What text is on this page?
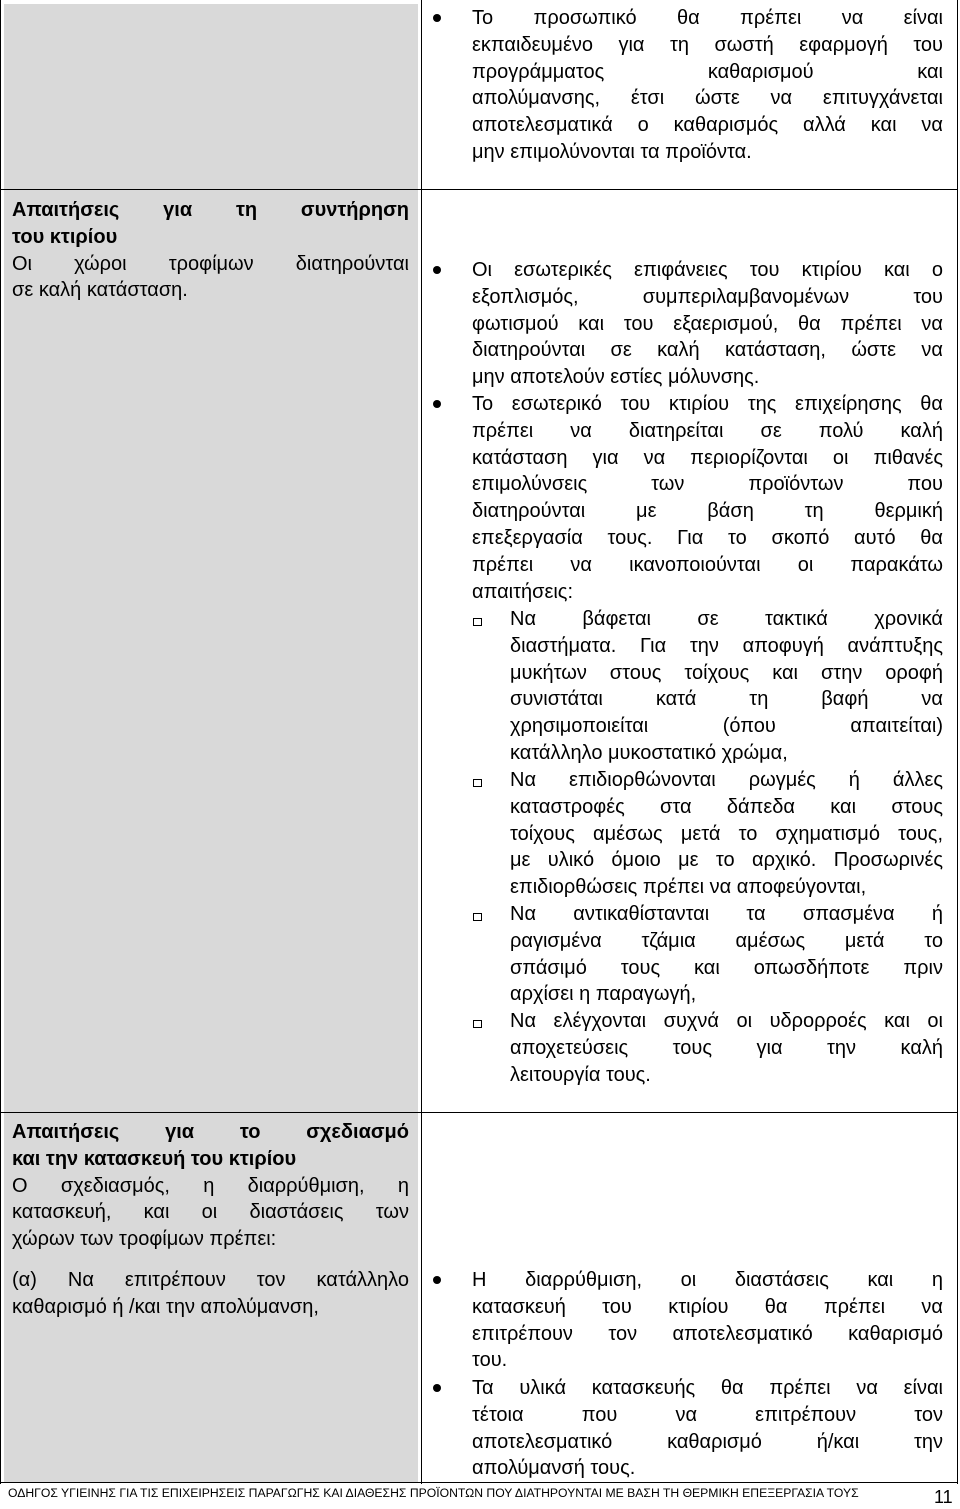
Απαιτήσεις για τη συντήρηση

του κτιρίου

Οι χώροι τροφίμων διατηρούνται

σε καλή κατάσταση.

Απαιτήσεις για το σχεδιασμό

και την κατασκευή του κτιρίου

Ο σχεδιασμός, η διαρρύθμιση, η

κατασκευή, και οι διαστάσεις των

χώρων των τροφίμων πρέπει:

(α) Να επιτρέπουν τον κατάλληλο

καθαρισμό ή /και την απολύμανση,

Το προσωπικό θα πρέπει να είναι

εκπαιδευμένο για τη σωστή εφαρμογή του

προγράμματος καθαρισμού και

απολύμανσης, έτσι ώστε να επιτυγχάνεται

αποτελεσματικά ο καθαρισμός αλλά και να

μην επιμολύνονται τα προϊόντα.

Οι εσωτερικές επιφάνειες του κτιρίου και ο

εξοπλισμός, συμπεριλαμβανομένων του

φωτισμού και του εξαερισμού, θα πρέπει να

διατηρούνται σε καλή κατάσταση, ώστε να

μην αποτελούν εστίες μόλυνσης.

Το εσωτερικό του κτιρίου της επιχείρησης θα

πρέπει να διατηρείται σε πολύ καλή

κατάσταση για να περιορίζονται οι πιθανές

επιμολύνσεις των προϊόντων που

διατηρούνται με βάση τη θερμική

επεξεργασία τους. Για το σκοπό αυτό θα

πρέπει να ικανοποιούνται οι παρακάτω

απαιτήσεις:

Να βάφεται σε τακτικά χρονικά

διαστήματα. Για την αποφυγή ανάπτυξης

μυκήτων στους τοίχους και στην οροφή

συνιστάται κατά τη βαφή να

χρησιμοποιείται (όπου απαιτείται)

κατάλληλο μυκοστατικό χρώμα,

Να επιδιορθώνονται ρωγμές ή άλλες

καταστροφές στα δάπεδα και στους

τοίχους αμέσως μετά το σχηματισμό τους,

με υλικό όμοιο με το αρχικό. Προσωρινές

επιδιορθώσεις πρέπει να αποφεύγονται,

Να αντικαθίστανται τα σπασμένα ή

ραγισμένα τζάμια αμέσως μετά το

σπάσιμό τους και οπωσδήποτε πριν

αρχίσει η παραγωγή,

Να ελέγχονται συχνά οι υδρορροές και οι

αποχετεύσεις τους για την καλή

λειτουργία τους.

Η διαρρύθμιση, οι διαστάσεις και η

κατασκευή του κτιρίου θα πρέπει να

επιτρέπουν τον αποτελεσματικό καθαρισμό

του.

Τα υλικά κατασκευής θα πρέπει να είναι

τέτοια που να επιτρέπουν τον

αποτελεσματικό καθαρισμό ή/και την

απολύμανσή τους.

ΟΔΗΓΟΣ ΥΓΙΕΙΝΗΣ ΓΙΑ ΤΙΣ ΕΠΙΧΕΙΡΗΣΕΙΣ ΠΑΡΑΓΩΓΗΣ ΚΑΙ ΔΙΑΘΕΣΗΣ ΠΡΟΪΟΝΤΩΝ ΠΟΥ ΔΙΑΤΗΡΟΥΝΤΑΙ ΜΕ ΒΑΣΗ ΤΗ ΘΕΡΜΙΚΗ ΕΠΕΞΕΡΓΑΣΙΑ ΤΟΥΣ	11
